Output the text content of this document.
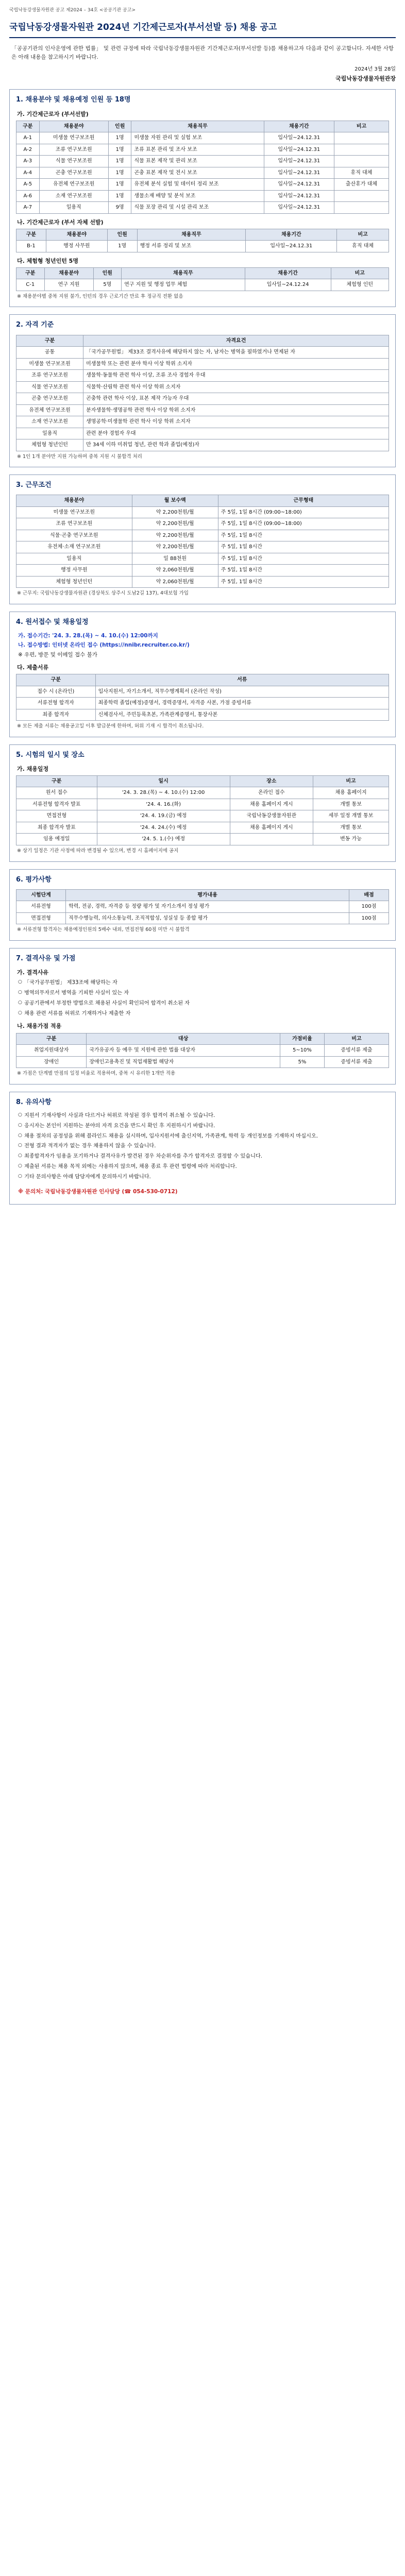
국립낙동강생물자원관 공고 제2024 – 34호 <공공기관 공고>
국립낙동강생물자원관 2024년 기간제근로자(부서선발 등) 채용 공고

「공공기관의 인사운영에 관한 법률」 및 관련 규정에 따라 국립낙동강생물자원관 기간제근로자(부서선발 등)를 채용하고자 다음과 같이 공고합니다. 자세한 사항은 아래 내용을 참고하시기 바랍니다.

2024년 3월 28일
국립낙동강생물자원관장
1. 채용분야 및 채용예정 인원 등 18명
가. 기간제근로자 (부서선발)
구분	채용분야	인원	채용직무	채용기간	비고
A-1	미생물 연구보조원	1명	미생물 자원 관리 및 실험 보조	입사일~24.12.31	
A-2	조류 연구보조원	1명	조류 표본 관리 및 조사 보조	입사일~24.12.31	
A-3	식물 연구보조원	1명	식물 표본 제작 및 관리 보조	입사일~24.12.31	
A-4	곤충 연구보조원	1명	곤충 표본 제작 및 전시 보조	입사일~24.12.31	휴직 대체
A-5	유전체 연구보조원	1명	유전체 분석 실험 및 데이터 정리 보조	입사일~24.12.31	출산휴가 대체
A-6	소재 연구보조원	1명	생물소재 배양 및 분석 보조	입사일~24.12.31	
A-7	일용직	9명	식물 포장 관리 및 시설 관리 보조	입사일~24.12.31	
나. 기간제근로자 (부서 자체 선발)
구분	채용분야	인원	채용직무	채용기간	비고
B-1	행정 사무원	1명	행정 서류 정리 및 보조	입사일~24.12.31	휴직 대체
다. 체험형 청년인턴 5명
구분	채용분야	인원	채용직무	채용기간	비고
C-1	연구 지원	5명	연구 지원 및 행정 업무 체험	입사일~24.12.24	체험형 인턴
※ 채용분야별 중복 지원 불가, 인턴의 경우 근로기간 만료 후 정규직 전환 없음
2. 자격 기준
구분	자격요건
공통	「국가공무원법」 제33조 결격사유에 해당하지 않는 자, 남자는 병역을 필하였거나 면제된 자
미생물 연구보조원	미생물학 또는 관련 분야 학사 이상 학위 소지자
조류 연구보조원	생물학·동물학 관련 학사 이상, 조류 조사 경험자 우대
식물 연구보조원	식물학·산림학 관련 학사 이상 학위 소지자
곤충 연구보조원	곤충학 관련 학사 이상, 표본 제작 가능자 우대
유전체 연구보조원	분자생물학·생명공학 관련 학사 이상 학위 소지자
소재 연구보조원	생명공학·미생물학 관련 학사 이상 학위 소지자
일용직	관련 분야 경험자 우대
체험형 청년인턴	만 34세 이하 미취업 청년, 관련 학과 졸업(예정)자
※ 1인 1개 분야만 지원 가능하며 중복 지원 시 불합격 처리
3. 근무조건
채용분야	월 보수액	근무형태
미생물 연구보조원	약 2,200천원/월	주 5일, 1일 8시간 (09:00~18:00)
조류 연구보조원	약 2,200천원/월	주 5일, 1일 8시간 (09:00~18:00)
식물·곤충 연구보조원	약 2,200천원/월	주 5일, 1일 8시간
유전체·소재 연구보조원	약 2,200천원/월	주 5일, 1일 8시간
일용직	일 88천원	주 5일, 1일 8시간
행정 사무원	약 2,060천원/월	주 5일, 1일 8시간
체험형 청년인턴	약 2,060천원/월	주 5일, 1일 8시간
※ 근무지: 국립낙동강생물자원관 (경상북도 상주시 도남2길 137), 4대보험 가입
4. 원서접수 및 채용일정
가. 접수기간: '24. 3. 28.(목) ~ 4. 10.(수) 12:00까지
나. 접수방법: 인터넷 온라인 접수 (https://nnibr.recruiter.co.kr/)
※ 우편, 방문 및 이메일 접수 불가
다. 제출서류
구분	서류
접수 시 (온라인)	입사지원서, 자기소개서, 직무수행계획서 (온라인 작성)
서류전형 합격자	최종학력 졸업(예정)증명서, 경력증명서, 자격증 사본, 가점 증빙서류
최종 합격자	신체검사서, 주민등록초본, 가족관계증명서, 통장사본
※ 모든 제출 서류는 채용공고일 이후 발급분에 한하며, 허위 기재 시 합격이 취소됩니다.
5. 시험의 일시 및 장소
가. 채용일정
구분	일시	장소	비고
원서 접수	'24. 3. 28.(목) ~ 4. 10.(수) 12:00	온라인 접수	채용 홈페이지
서류전형 합격자 발표	'24. 4. 16.(화)	채용 홈페이지 게시	개별 통보
면접전형	'24. 4. 19.(금) 예정	국립낙동강생물자원관	세부 일정 개별 통보
최종 합격자 발표	'24. 4. 24.(수) 예정	채용 홈페이지 게시	개별 통보
임용 예정일	'24. 5. 1.(수) 예정		변동 가능
※ 상기 일정은 기관 사정에 따라 변경될 수 있으며, 변경 시 홈페이지에 공지
6. 평가사항
시험단계	평가내용	배점
서류전형	학력, 전공, 경력, 자격증 등 정량 평가 및 자기소개서 정성 평가	100점
면접전형	직무수행능력, 의사소통능력, 조직적합성, 성실성 등 종합 평가	100점
※ 서류전형 합격자는 채용예정인원의 5배수 내외, 면접전형 60점 미만 시 불합격
7. 결격사유 및 가점
가. 결격사유
○ 「국가공무원법」 제33조에 해당하는 자
○ 병역의무자로서 병역을 기피한 사실이 있는 자
○ 공공기관에서 부정한 방법으로 채용된 사실이 확인되어 합격이 취소된 자
○ 채용 관련 서류를 허위로 기재하거나 제출한 자
나. 채용가점 적용
구분	대상	가점비율	비고
취업지원대상자	국가유공자 등 예우 및 지원에 관한 법률 대상자	5~10%	증빙서류 제출
장애인	장애인고용촉진 및 직업재활법 해당자	5%	증빙서류 제출
※ 가점은 단계별 만점의 일정 비율로 적용하며, 중복 시 유리한 1개만 적용
8. 유의사항
○ 지원서 기재사항이 사실과 다르거나 허위로 작성된 경우 합격이 취소될 수 있습니다.
○ 응시자는 본인이 지원하는 분야의 자격 요건을 반드시 확인 후 지원하시기 바랍니다.
○ 채용 절차의 공정성을 위해 블라인드 채용을 실시하며, 입사지원서에 출신지역, 가족관계, 학력 등 개인정보를 기재하지 마십시오.
○ 전형 결과 적격자가 없는 경우 채용하지 않을 수 있습니다.
○ 최종합격자가 임용을 포기하거나 결격사유가 발견된 경우 차순위자를 추가 합격자로 결정할 수 있습니다.
○ 제출된 서류는 채용 목적 외에는 사용하지 않으며, 채용 종료 후 관련 법령에 따라 처리합니다.
○ 기타 문의사항은 아래 담당자에게 문의하시기 바랍니다.
※ 문의처: 국립낙동강생물자원관 인사담당 (☎ 054-530-0712)
